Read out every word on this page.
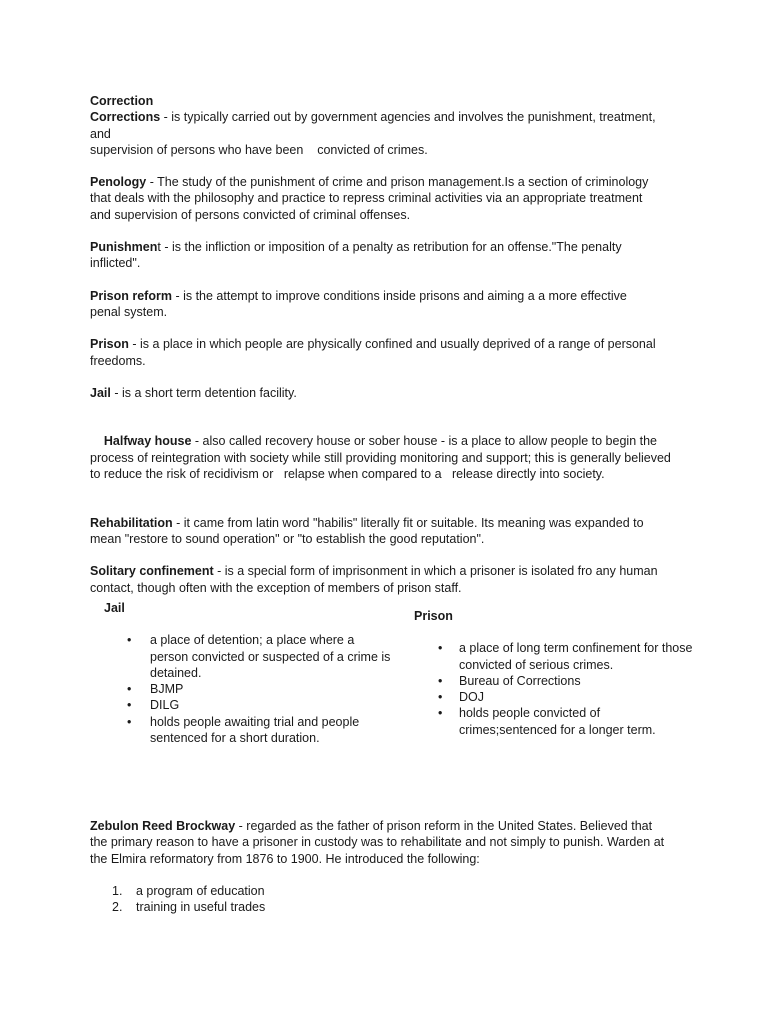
Correction

Corrections - is typically carried out by government agencies and involves the punishment, treatment, and
supervision of persons who have been    convicted of crimes.

Penology - The study of the punishment of crime and prison management.Is a section of criminology that deals with the philosophy and practice to repress criminal activities via an appropriate treatment and supervision of persons convicted of criminal offenses.

Punishment - is the infliction or imposition of a penalty as retribution for an offense."The penalty inflicted".

Prison reform - is the attempt to improve conditions inside prisons and aiming a a more effective penal system.

Prison - is a place in which people are physically confined and usually deprived of a range of personal freedoms.

Jail - is a short term detention facility.

Halfway house - also called recovery house or sober house - is a place to allow people to begin the process of reintegration with society while still providing monitoring and support; this is generally believed to reduce the risk of recidivism or   relapse when compared to a   release directly into society.

Rehabilitation - it came from latin word "habilis" literally fit or suitable. Its meaning was expanded to mean "restore to sound operation" or "to establish the good reputation".

Solitary confinement - is a special form of imprisonment in which a prisoner is isolated fro any human contact, though often with the exception of members of prison staff.

Jail
• a place of detention; a place where a person convicted or suspected of a crime is detained.
• BJMP
• DILG
• holds people awaiting trial and people sentenced for a short duration.
Prison
• a place of long term confinement for those convicted of serious crimes.
• Bureau of Corrections
• DOJ
• holds people convicted of crimes;sentenced for a longer term.

Zebulon Reed Brockway - regarded as the father of prison reform in the United States. Believed that the primary reason to have a prisoner in custody was to rehabilitate and not simply to punish. Warden at the Elmira reformatory from 1876 to 1900. He introduced the following:

1. a program of education
2. training in useful trades
